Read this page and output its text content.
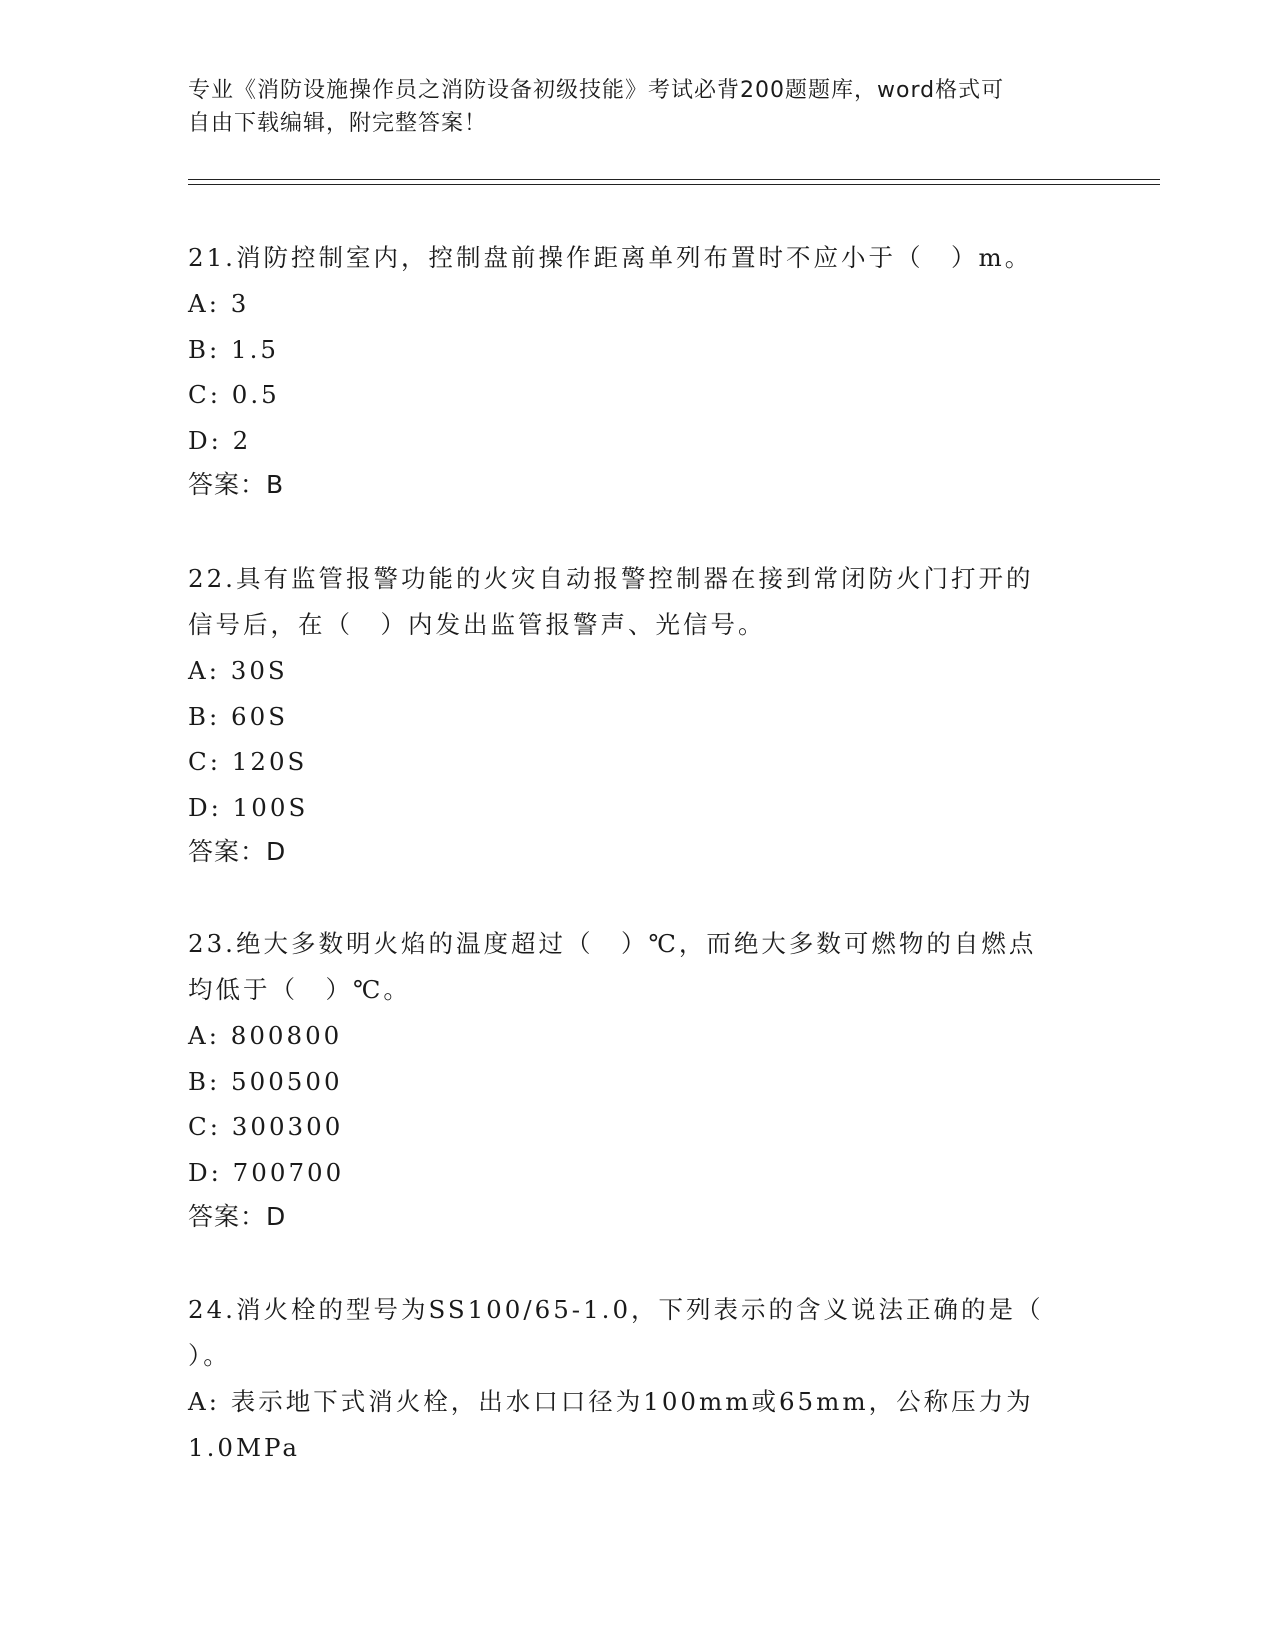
专业《消防设施操作员之消防设备初级技能》考试必背200题题库，word格式可
自由下载编辑，附完整答案！
21.消防控制室内，控制盘前操作距离单列布置时不应小于（　）m。
A: 3
B: 1.5
C: 0.5
D: 2
答案：B
22.具有监管报警功能的火灾自动报警控制器在接到常闭防火门打开的
信号后，在（　）内发出监管报警声、光信号。
A: 30S
B: 60S
C: 120S
D: 100S
答案：D
23.绝大多数明火焰的温度超过（　）℃，而绝大多数可燃物的自燃点
均低于（　）℃。
A: 800800
B: 500500
C: 300300
D: 700700
答案：D
24.消火栓的型号为SS100/65-1.0，下列表示的含义说法正确的是（
）。
A: 表示地下式消火栓，出水口口径为100mm或65mm，公称压力为
1.0MPa
